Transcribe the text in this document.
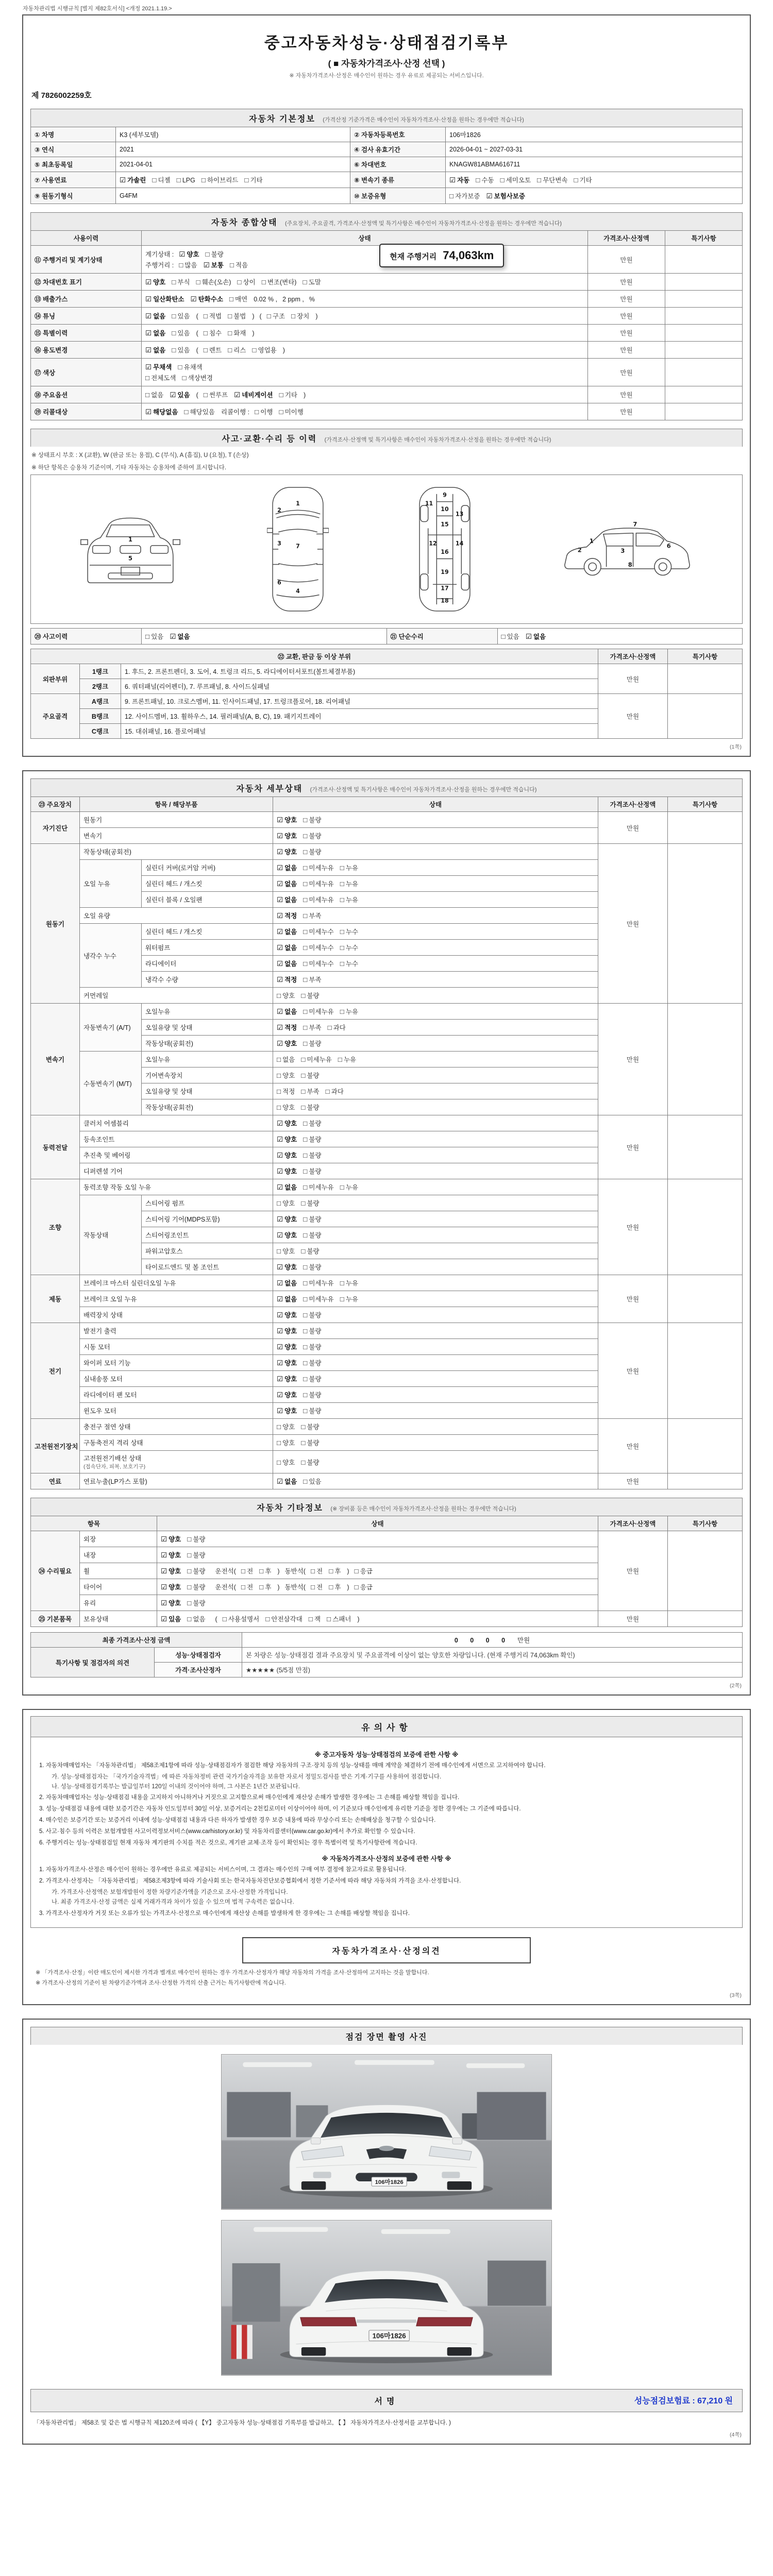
자동차관리법 시행규칙 [별지 제82호서식] <개정 2021.1.19.>
중고자동차성능·상태점검기록부
( ■ 자동차가격조사·산정 선택 )
※ 자동차가격조사·산정은 매수인이 원하는 경우 유료로 제공되는 서비스입니다.
제 7826002259호
자동차 기본정보 (가격산정 기준가격은 매수인이 자동차가격조사·산정을 원하는 경우에만 적습니다)
① 차명	K3 (세부모델)	② 자동차등록번호	106마1826
③ 연식	2021	④ 검사 유효기간	2026-04-01 ~ 2027-03-31
⑤ 최초등록일	2021-04-01	⑥ 차대번호	KNAGW81ABMA616711
⑦ 사용연료	☑ 가솔린 □ 디젤 □ LPG □ 하이브리드 □ 기타	⑧ 변속기 종류	☑ 자동 □ 수동 □ 세미오토 □ 무단변속 □ 기타
⑨ 원동기형식	G4FM	⑩ 보증유형	□ 자가보증 ☑ 보험사보증
자동차 종합상태 (주요장치, 주요골격, 가격조사·산정액 및 특기사항은 매수인이 자동차가격조사·산정을 원하는 경우에만 적습니다)
사용이력	상태	가격조사·산정액	특기사항
⑪ 주행거리 및 계기상태	계기상태 : ☑ 양호 □ 불량
주행거리 : □ 많음 ☑ 보통 □ 적음	만원	
⑫ 차대번호 표기	☑ 양호 □ 부식 □ 훼손(오손) □ 상이 □ 변조(변타) □ 도말	만원	
⑬ 배출가스	☑ 일산화탄소 ☑ 탄화수소 □ 매연 0.02 % , 2 ppm , %	만원	
⑭ 튜닝	☑ 없음 □ 있음 ( □ 적법 □ 불법 ) ( □ 구조 □ 장치 )	만원	
⑮ 특별이력	☑ 없음 □ 있음 ( □ 침수 □ 화재 )	만원	
⑯ 용도변경	☑ 없음 □ 있음 ( □ 렌트 □ 리스 □ 영업용 )	만원	
⑰ 색상	☑ 무채색 □ 유채색
□ 전체도색 □ 색상변경	만원	
⑱ 주요옵션	□ 없음 ☑ 있음 ( □ 썬루프 ☑ 네비게이션 □ 기타 )	만원	
⑲ 리콜대상	☑ 해당없음 □ 해당있음 리콜이행 : □ 이행 □ 미이행	만원	
현재 주행거리 74,063km
사고·교환·수리 등 이력 (가격조사·산정액 및 특기사항은 매수인이 자동차가격조사·산정을 원하는 경우에만 적습니다)
※ 상태표시 부호 : X (교환), W (판금 또는 용접), C (부식), A (흠집), U (요철), T (손상)
※ 하단 항목은 승용차 기준이며, 기타 자동차는 승용차에 준하여 표시합니다.
1
5
1
2
3 7
6
4
9
11
10
15
13
12
16
14
19
17
18
1
2
7
3
6
8
⑳ 사고이력	□ 있음 ☑ 없음	㉑ 단순수리	□ 있음 ☑ 없음
㉒ 교환, 판금 등 이상 부위			가격조사·산정액	특기사항
외판부위	1랭크	1. 후드, 2. 프론트펜더, 3. 도어, 4. 트렁크 리드, 5. 라디에이터서포트(볼트체결부품)	만원	
	2랭크	6. 쿼터패널(리어펜더), 7. 루프패널, 8. 사이드실패널		
주요골격	A랭크	9. 프론트패널, 10. 크로스멤버, 11. 인사이드패널, 17. 트렁크플로어, 18. 리어패널	만원	
	B랭크	12. 사이드멤버, 13. 휠하우스, 14. 필러패널(A, B, C), 19. 패키지트레이		
	C랭크	15. 대쉬패널, 16. 플로어패널		
(1쪽)
자동차 세부상태 (가격조사·산정액 및 특기사항은 매수인이 자동차가격조사·산정을 원하는 경우에만 적습니다)
㉓ 주요장치	항목 / 해당부품		상태	가격조사·산정액	특기사항
자기진단	원동기		☑ 양호 □ 불량	만원	
	변속기		☑ 양호 □ 불량		
원동기	작동상태(공회전)		☑ 양호 □ 불량	만원	
	오일 누유	실린더 커버(로커암 커버)	☑ 없음 □ 미세누유 □ 누유		
		실린더 헤드 / 개스킷	☑ 없음 □ 미세누유 □ 누유		
		실린더 블록 / 오일팬	☑ 없음 □ 미세누유 □ 누유		
	오일 유량		☑ 적정 □ 부족		
	냉각수 누수	실린더 헤드 / 개스킷	☑ 없음 □ 미세누수 □ 누수		
		워터펌프	☑ 없음 □ 미세누수 □ 누수		
		라디에이터	☑ 없음 □ 미세누수 □ 누수		
		냉각수 수량	☑ 적정 □ 부족		
	커먼레일		□ 양호 □ 불량		
변속기	자동변속기 (A/T)	오일누유	☑ 없음 □ 미세누유 □ 누유	만원	
		오일유량 및 상태	☑ 적정 □ 부족 □ 과다		
		작동상태(공회전)	☑ 양호 □ 불량		
	수동변속기 (M/T)	오일누유	□ 없음 □ 미세누유 □ 누유		
		기어변속장치	□ 양호 □ 불량		
		오일유량 및 상태	□ 적정 □ 부족 □ 과다		
		작동상태(공회전)	□ 양호 □ 불량		
동력전달	클러치 어셈블리		☑ 양호 □ 불량	만원	
	등속조인트		☑ 양호 □ 불량		
	추진축 및 베어링		☑ 양호 □ 불량		
	디퍼렌셜 기어		☑ 양호 □ 불량		
조향	동력조향 작동 오일 누유		☑ 없음 □ 미세누유 □ 누유	만원	
	작동상태	스티어링 펌프	□ 양호 □ 불량		
		스티어링 기어(MDPS포함)	☑ 양호 □ 불량		
		스티어링조인트	☑ 양호 □ 불량		
		파워고압호스	□ 양호 □ 불량		
		타이로드엔드 및 볼 조인트	☑ 양호 □ 불량		
제동	브레이크 마스터 실린더오일 누유		☑ 없음 □ 미세누유 □ 누유	만원	
	브레이크 오일 누유		☑ 없음 □ 미세누유 □ 누유		
	배력장치 상태		☑ 양호 □ 불량		
전기	발전기 출력		☑ 양호 □ 불량	만원	
	시동 모터		☑ 양호 □ 불량		
	와이퍼 모터 기능		☑ 양호 □ 불량		
	실내송풍 모터		☑ 양호 □ 불량		
	라디에이터 팬 모터		☑ 양호 □ 불량		
	윈도우 모터		☑ 양호 □ 불량		
고전원전기장치	충전구 절연 상태		□ 양호 □ 불량	만원	
	구동축전지 격리 상태		□ 양호 □ 불량		
	고전원전기배선 상태
(접속단자, 피복, 보호기구)		□ 양호 □ 불량		
연료	연료누출(LP가스 포함)		☑ 없음 □ 있음	만원	
자동차 기타정보 (※ 장비품 등은 매수인이 자동차가격조사·산정을 원하는 경우에만 적습니다)
항목		상태	가격조사·산정액	특기사항
㉔ 수리필요	외장	☑ 양호 □ 불량	만원	
	내장	☑ 양호 □ 불량		
	휠	☑ 양호 □ 불량 운전석( □ 전 □ 후 ) 동반석( □ 전 □ 후 ) □ 응급		
	타이어	☑ 양호 □ 불량 운전석( □ 전 □ 후 ) 동반석( □ 전 □ 후 ) □ 응급		
	유리	☑ 양호 □ 불량		
㉕ 기본품목	보유상태	☑ 있음 □ 없음 ( □ 사용설명서 □ 안전삼각대 □ 잭 □ 스패너 )	만원	
최종 가격조사·산정 금액		0 0 0 0 만원
특기사항 및 점검자의 의견	성능·상태점검자	본 차량은 성능·상태점검 결과 주요장치 및 주요골격에 이상이 없는 양호한 차량입니다. (현재 주행거리 74,063km 확인)
	가격·조사산정자	★★★★★ (5/5점 만점)
(2쪽)
유의사항
※ 중고자동차 성능·상태점검의 보증에 관한 사항 ※
1. 자동차매매업자는 「자동차관리법」 제58조제1항에 따라 성능·상태점검자가 점검한 해당 자동차의 구조·장치 등의 성능·상태를 매매 계약을 체결하기 전에 매수인에게 서면으로 고지하여야 합니다.
가. 성능·상태점검자는 「국가기술자격법」에 따른 자동차정비 관련 국가기술자격을 보유한 자로서 정밀도검사를 받은 기계·기구를 사용하여 점검합니다.
나. 성능·상태점검기록부는 발급일부터 120일 이내의 것이어야 하며, 그 사본은 1년간 보관됩니다.
2. 자동차매매업자는 성능·상태점검 내용을 고지하지 아니하거나 거짓으로 고지함으로써 매수인에게 재산상 손해가 발생한 경우에는 그 손해를 배상할 책임을 집니다.
3. 성능·상태점검 내용에 대한 보증기간은 자동차 인도일부터 30일 이상, 보증거리는 2천킬로미터 이상이어야 하며, 이 기준보다 매수인에게 유리한 기준을 정한 경우에는 그 기준에 따릅니다.
4. 매수인은 보증기간 또는 보증거리 이내에 성능·상태점검 내용과 다른 하자가 발생한 경우 보증 내용에 따라 무상수리 또는 손해배상을 청구할 수 있습니다.
5. 사고·침수 등의 이력은 보험개발원 사고이력정보서비스(www.carhistory.or.kr) 및 자동차리콜센터(www.car.go.kr)에서 추가로 확인할 수 있습니다.
6. 주행거리는 성능·상태점검일 현재 자동차 계기판의 수치를 적은 것으로, 계기판 교체·조작 등이 확인되는 경우 특별이력 및 특기사항란에 적습니다.
※ 자동차가격조사·산정의 보증에 관한 사항 ※
1. 자동차가격조사·산정은 매수인이 원하는 경우에만 유료로 제공되는 서비스이며, 그 결과는 매수인의 구매 여부 결정에 참고자료로 활용됩니다.
2. 가격조사·산정자는 「자동차관리법」 제58조제3항에 따라 기술사회 또는 한국자동차진단보증협회에서 정한 기준서에 따라 해당 자동차의 가격을 조사·산정합니다.
가. 가격조사·산정액은 보험개발원이 정한 차량기준가액을 기준으로 조사·산정한 가격입니다.
나. 최종 가격조사·산정 금액은 실제 거래가격과 차이가 있을 수 있으며 법적 구속력은 없습니다.
3. 가격조사·산정자가 거짓 또는 오류가 있는 가격조사·산정으로 매수인에게 재산상 손해를 발생하게 한 경우에는 그 손해를 배상할 책임을 집니다.
자동차가격조사·산정의견
※ 「가격조사·산정」이란 매도인이 제시한 가격과 별개로 매수인이 원하는 경우 가격조사·산정자가 해당 자동차의 가격을 조사·산정하여 고지하는 것을 말합니다.
※ 가격조사·산정의 기준이 된 차량기준가액과 조사·산정한 가격의 산출 근거는 특기사항란에 적습니다.
(3쪽)
점검 장면 촬영 사진
106마1826
106마1826
서명	성능점검보험료 : 67,210 원
「자동차관리법」 제58조 및 같은 법 시행규칙 제120조에 따라 ( 【Y】 중고자동차 성능·상태점검 기록부를 발급하고, 【 】 자동차가격조사·산정서를 교부합니다. )
(4쪽)
